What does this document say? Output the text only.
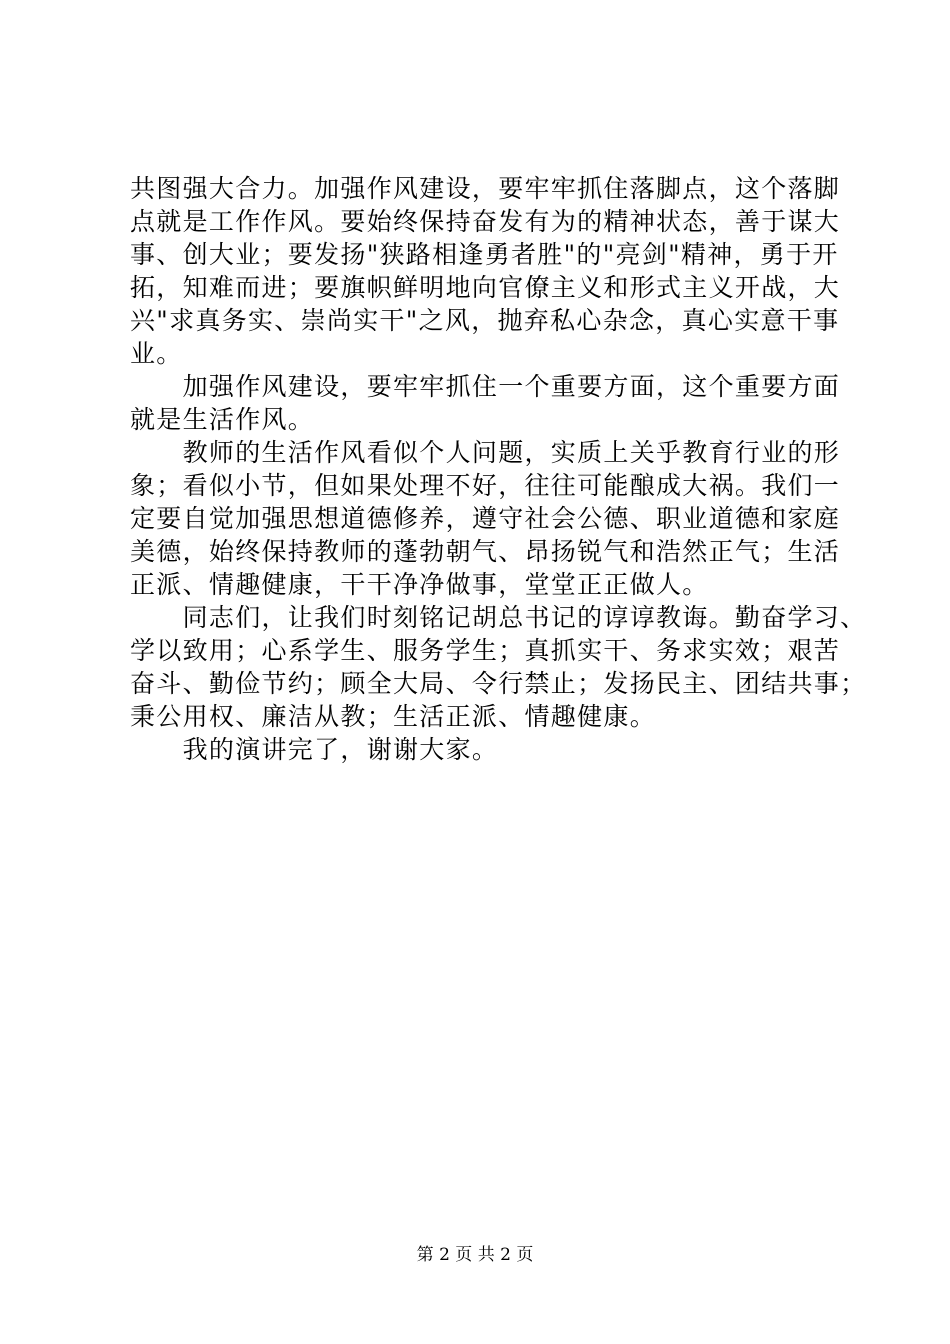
共图强大合力。加强作风建设，要牢牢抓住落脚点，这个落脚
点就是工作作风。要始终保持奋发有为的精神状态，善于谋大
事、创大业；要发扬"狭路相逢勇者胜"的"亮剑"精神，勇于开
拓，知难而进；要旗帜鲜明地向官僚主义和形式主义开战，大
兴"求真务实、崇尚实干"之风，抛弃私心杂念，真心实意干事
业。
　　加强作风建设，要牢牢抓住一个重要方面，这个重要方面
就是生活作风。
　　教师的生活作风看似个人问题，实质上关乎教育行业的形
象；看似小节，但如果处理不好，往往可能酿成大祸。我们一
定要自觉加强思想道德修养，遵守社会公德、职业道德和家庭
美德，始终保持教师的蓬勃朝气、昂扬锐气和浩然正气；生活
正派、情趣健康，干干净净做事，堂堂正正做人。
　　同志们，让我们时刻铭记胡总书记的谆谆教诲。勤奋学习、
学以致用；心系学生、服务学生；真抓实干、务求实效；艰苦
奋斗、勤俭节约；顾全大局、令行禁止；发扬民主、团结共事；
秉公用权、廉洁从教；生活正派、情趣健康。
　　我的演讲完了，谢谢大家。
第 2 页 共 2 页
